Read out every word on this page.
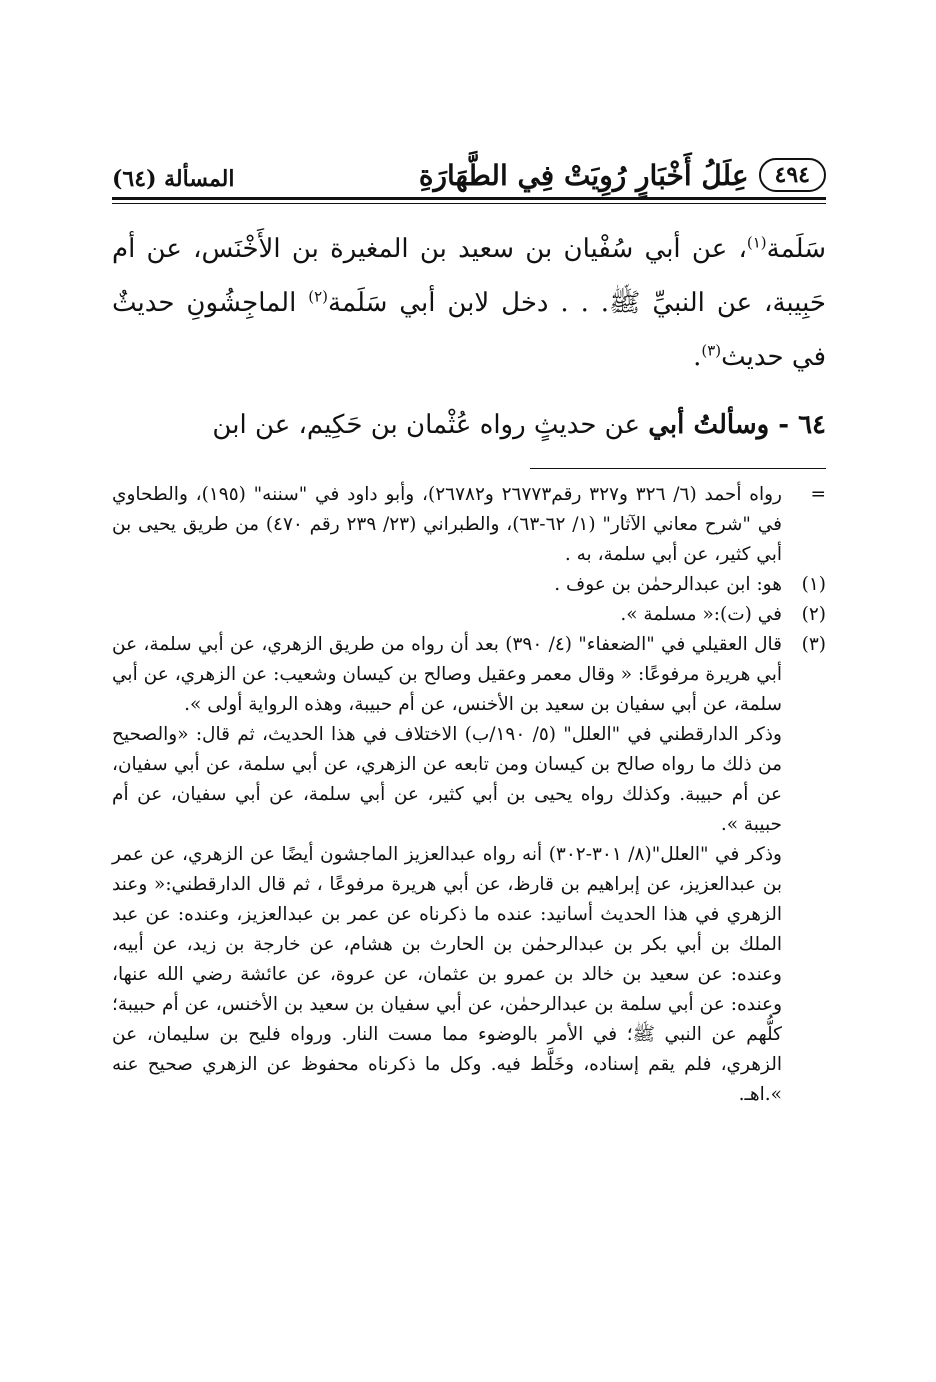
٤٩٤
عِلَلُ أَخْبَارٍ رُوِيَتْ فِي الطَّهَارَةِ
المسألة (٦٤)

سَلَمة$^{(١)}$، عن أبي سُفْيان بن سعيد بن المغيرة بن الأَخْنَس، عن أم حَبِيبة، عن النبيِّ ﷺ. . . دخل لابن أبي سَلَمة$^{(٢)}$ الماجِشُونِ حديثٌ في حديث$^{(٣)}$.

٦٤ - وسألتُ أبي عن حديثٍ رواه عُثْمان بن حَكِيم، عن ابن

=

رواه أحمد (٦/ ٣٢٦ و٣٢٧ رقم٢٦٧٧٣ و٢٦٧٨٢)، وأبو داود في "سننه" (١٩٥)، والطحاوي في "شرح معاني الآثار" (١/ ٦٢-٦٣)، والطبراني (٢٣/ ٢٣٩ رقم ٤٧٠) من طريق يحيى بن أبي كثير، عن أبي سلمة، به .

(١)

هو: ابن عبدالرحمٰن بن عوف .

(٢)

في (ت):« مسلمة ».

(٣)

قال العقيلي في "الضعفاء" (٤/ ٣٩٠) بعد أن رواه من طريق الزهري، عن أبي سلمة، عن أبي هريرة مرفوعًا: « وقال معمر وعقيل وصالح بن كيسان وشعيب: عن الزهري، عن أبي سلمة، عن أبي سفيان بن سعيد بن الأخنس، عن أم حبيبة، وهذه الرواية أولى ».

وذكر الدارقطني في "العلل" (٥/ ١٩٠/ب) الاختلاف في هذا الحديث، ثم قال: «والصحيح من ذلك ما رواه صالح بن كيسان ومن تابعه عن الزهري، عن أبي سلمة، عن أبي سفيان، عن أم حبيبة. وكذلك رواه يحيى بن أبي كثير، عن أبي سلمة، عن أبي سفيان، عن أم حبيبة ».

وذكر في "العلل"(٨/ ٣٠١-٣٠٢) أنه رواه عبدالعزيز الماجشون أيضًا عن الزهري، عن عمر بن عبدالعزيز، عن إبراهيم بن قارظ، عن أبي هريرة مرفوعًا ، ثم قال الدارقطني:« وعند الزهري في هذا الحديث أسانيد: عنده ما ذكرناه عن عمر بن عبدالعزيز، وعنده: عن عبد الملك بن أبي بكر بن عبدالرحمٰن بن الحارث بن هشام، عن خارجة بن زيد، عن أبيه، وعنده: عن سعيد بن خالد بن عمرو بن عثمان، عن عروة، عن عائشة رضي الله عنها، وعنده: عن أبي سلمة بن عبدالرحمٰن، عن أبي سفيان بن سعيد بن الأخنس، عن أم حبيبة؛ كلُّهم عن النبي ﷺ؛ في الأمر بالوضوء مما مست النار. ورواه فليح بن سليمان، عن الزهري، فلم يقم إسناده، وخَلَّط فيه. وكل ما ذكرناه محفوظ عن الزهري صحيح عنه ».اهـ.
